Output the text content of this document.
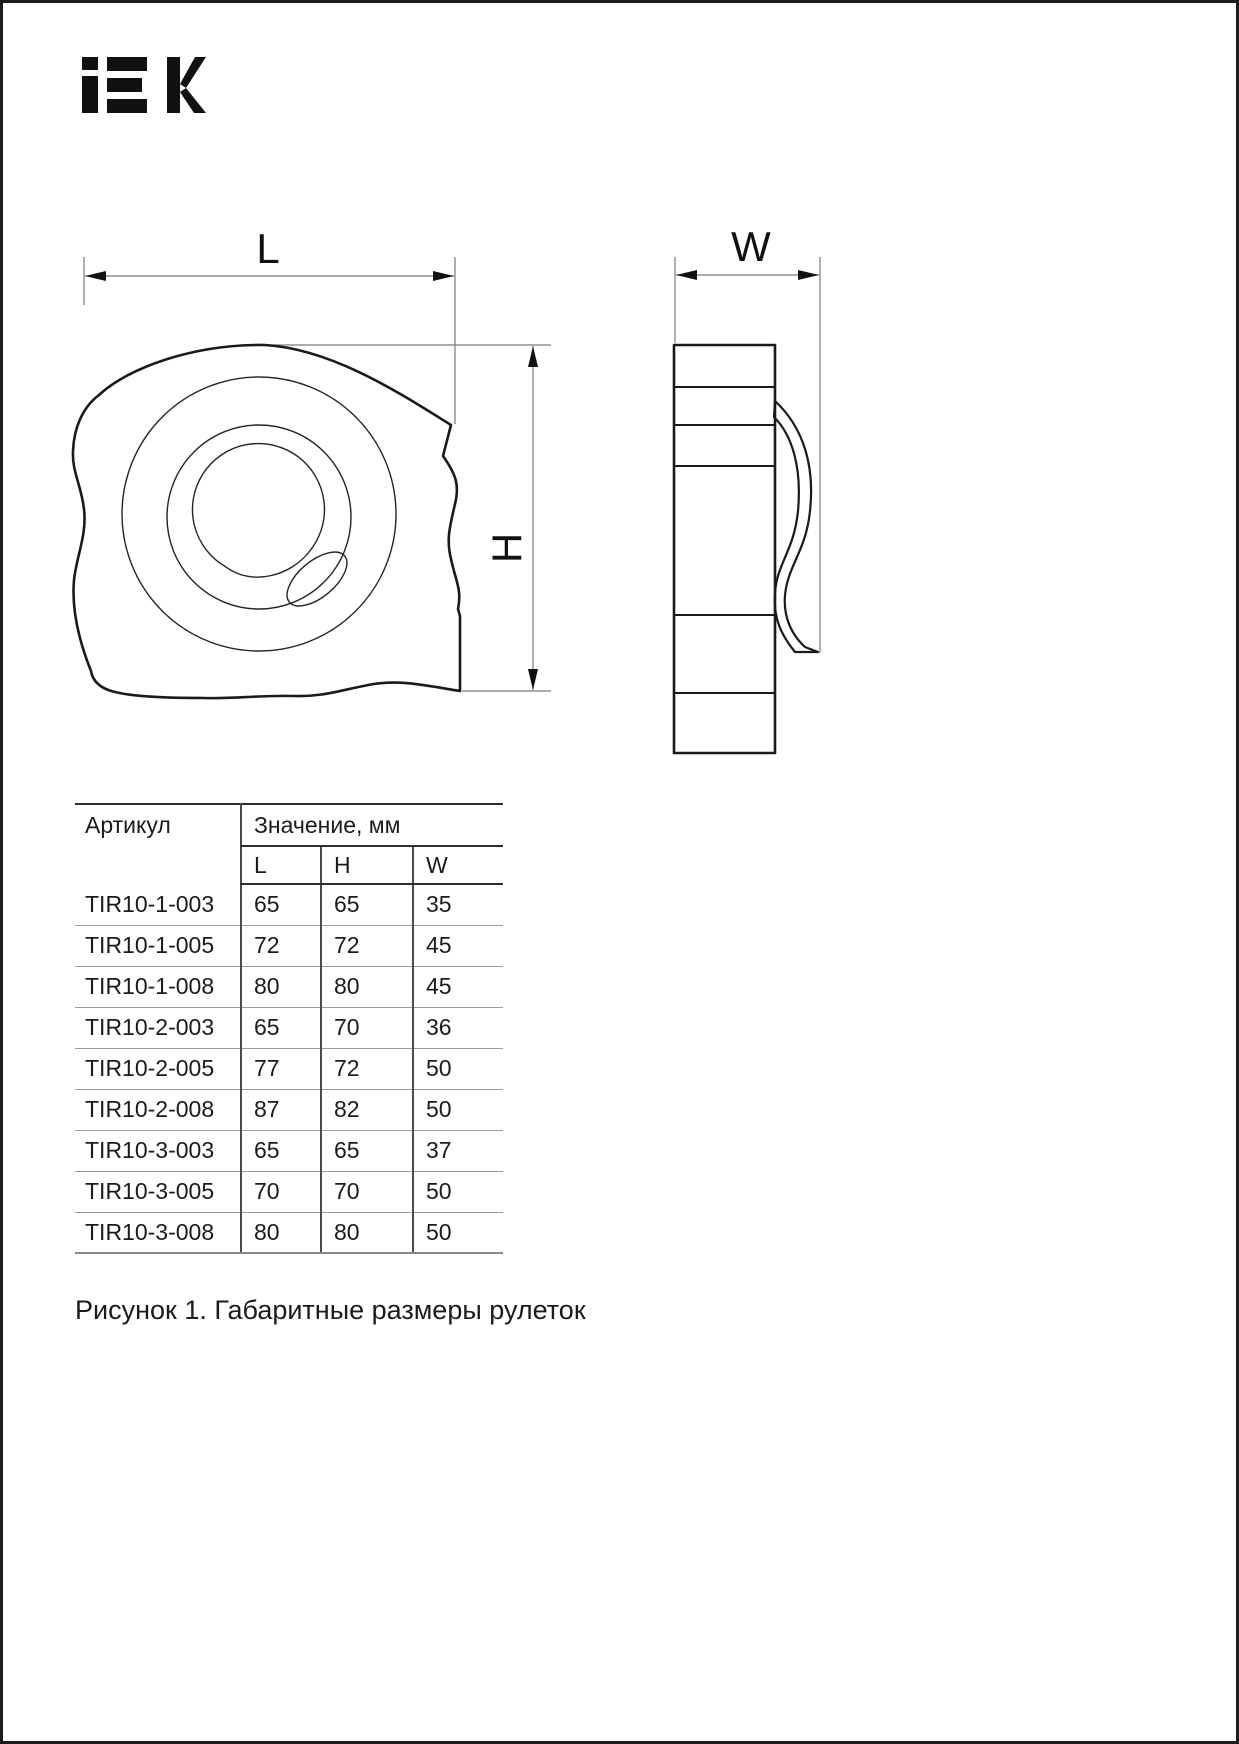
L
H
W
Артикул	Значение, мм		
	L	H	W
TIR10-1-003	65	65	35
TIR10-1-005	72	72	45
TIR10-1-008	80	80	45
TIR10-2-003	65	70	36
TIR10-2-005	77	72	50
TIR10-2-008	87	82	50
TIR10-3-003	65	65	37
TIR10-3-005	70	70	50
TIR10-3-008	80	80	50
Рисунок 1. Габаритные размеры рулеток
